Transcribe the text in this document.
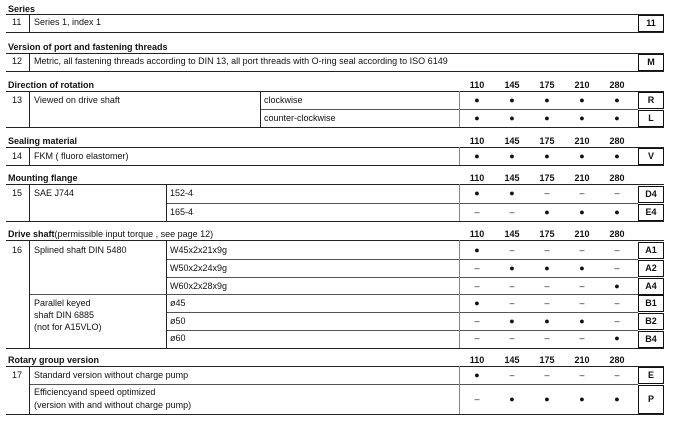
Series
11 Series 1, index 1	11
Version of port and fastening threads
12 Metric, all fastening threads according to DIN 13, all port threads with O-ring seal according to ISO 6149	M
Direction of rotation	110	145	175	210	280
13 Viewed on drive shaft	clockwise	●	●	●	●	●	R
counter-clockwise	●	●	●	●	●	L
Sealing material	110	145	175	210	280
14 FKM ( fluoro elastomer)	●	●	●	●	●	V
Mounting flange	110	145	175	210	280
15 SAE J744	152-4	●	●	–	–	–	D4
165-4	–	–	●	●	●	E4
Drive shaft(permissible input torque , see page 12)	110	145	175	210	280
16 Splined shaft DIN 5480	W45x2x21x9g	●	–	–	–	–	A1
W50x2x24x9g	–	●	●	●	–	A2
W60x2x28x9g	–	–	–	–	●	A4
Parallel keyed
shaft DIN 6885
(not for A15VLO)
ø45	●	–	–	–	–	B1
ø50	–	●	●	●	–	B2
ø60	–	–	–	–	●	B4
Rotary group version	110	145	175	210	280
17 Standard version without charge pump	●	–	–	–	–	E
Efficiencyand speed optimized
(version with and without charge pump)
–	●	●	●	●	P
